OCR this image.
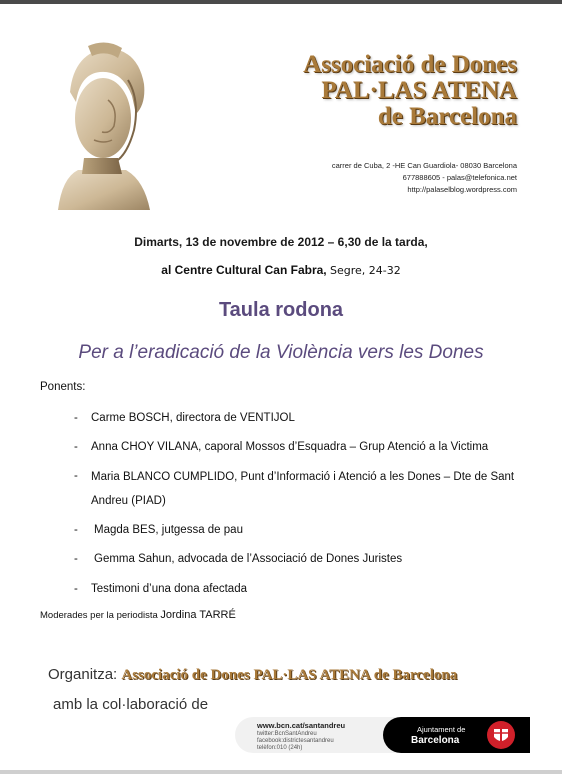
Associació de Dones
PAL·LAS ATENA
de Barcelona
carrer de Cuba, 2 -HE Can Guardiola- 08030 Barcelona
677888605 - palas@telefonica.net
http://palaselblog.wordpress.com
Dimarts, 13 de novembre de 2012 – 6,30 de la tarda,
al Centre Cultural Can Fabra, Segre, 24-32
Taula rodona
Per a l’eradicació de la Violència vers les Dones
Ponents:
- Carme BOSCH, directora de VENTIJOL
- Anna CHOY VILANA, caporal Mossos d’Esquadra – Grup Atenció a la Victima
- Maria BLANCO CUMPLIDO, Punt d’Informació i Atenció a les Dones – Dte de Sant Andreu (PIAD)
- Magda BES, jutgessa de pau
- Gemma Sahun, advocada de l’Associació de Dones Juristes
- Testimoni d’una dona afectada
Moderades per la periodista Jordina TARRÉ
Organitza: Associació de Dones PAL·LAS ATENA de Barcelona
amb la col·laboració de
www.bcn.cat/santandreu
twitter:BcnSantAndreu
facebook:districtesantandreu
telèfon:010 (24h)
Ajuntament de
Barcelona
